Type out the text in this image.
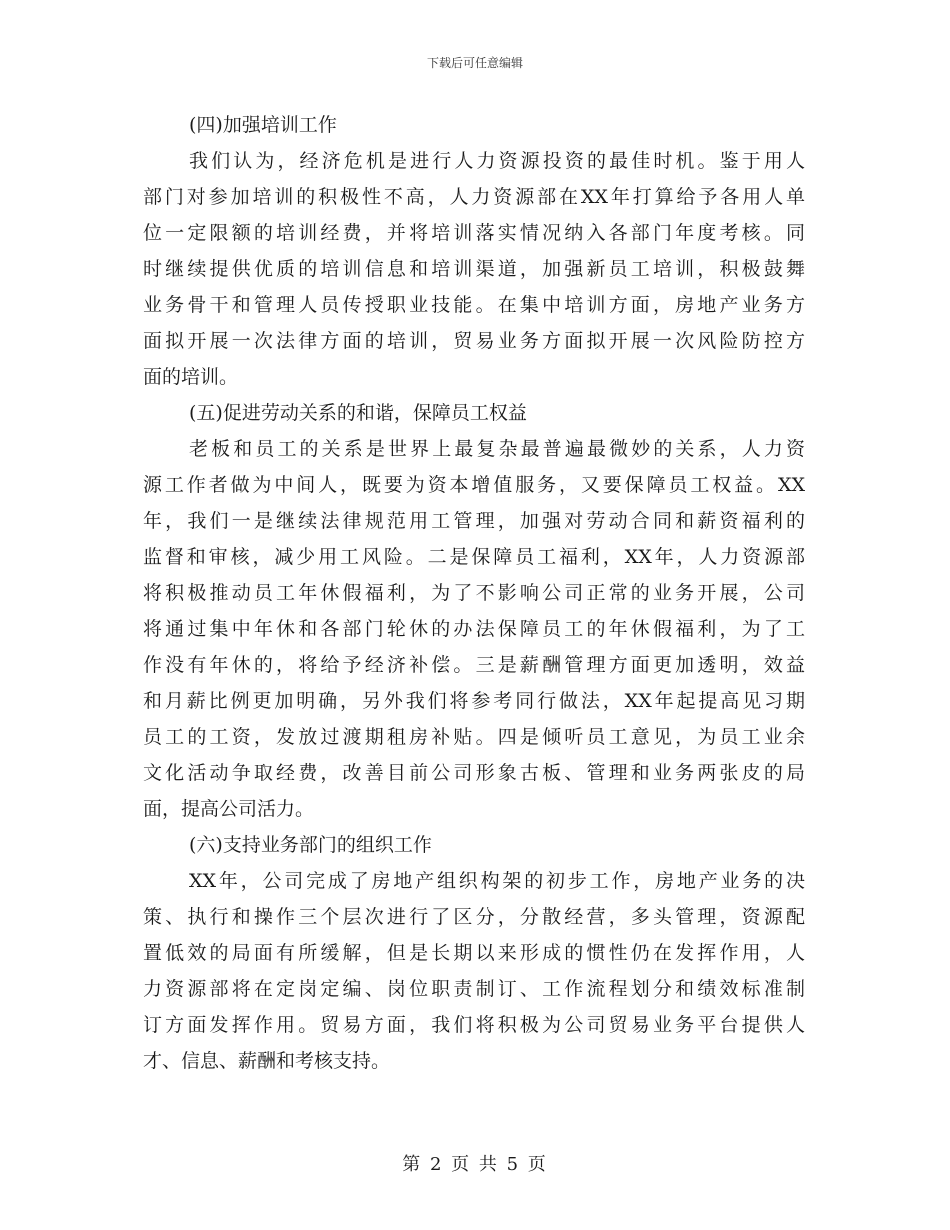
下载后可任意编辑
(四)加强培训工作
我们认为，经济危机是进行人力资源投资的最佳时机。鉴于用人
部门对参加培训的积极性不高，人力资源部在XX年打算给予各用人单
位一定限额的培训经费，并将培训落实情况纳入各部门年度考核。同
时继续提供优质的培训信息和培训渠道，加强新员工培训，积极鼓舞
业务骨干和管理人员传授职业技能。在集中培训方面，房地产业务方
面拟开展一次法律方面的培训，贸易业务方面拟开展一次风险防控方
面的培训。
(五)促进劳动关系的和谐，保障员工权益
老板和员工的关系是世界上最复杂最普遍最微妙的关系，人力资
源工作者做为中间人，既要为资本增值服务，又要保障员工权益。XX
年，我们一是继续法律规范用工管理，加强对劳动合同和薪资福利的
监督和审核，减少用工风险。二是保障员工福利，XX年，人力资源部
将积极推动员工年休假福利，为了不影响公司正常的业务开展，公司
将通过集中年休和各部门轮休的办法保障员工的年休假福利，为了工
作没有年休的，将给予经济补偿。三是薪酬管理方面更加透明，效益
和月薪比例更加明确，另外我们将参考同行做法，XX年起提高见习期
员工的工资，发放过渡期租房补贴。四是倾听员工意见，为员工业余
文化活动争取经费，改善目前公司形象古板、管理和业务两张皮的局
面，提高公司活力。
(六)支持业务部门的组织工作
XX年，公司完成了房地产组织构架的初步工作，房地产业务的决
策、执行和操作三个层次进行了区分，分散经营，多头管理，资源配
置低效的局面有所缓解，但是长期以来形成的惯性仍在发挥作用，人
力资源部将在定岗定编、岗位职责制订、工作流程划分和绩效标准制
订方面发挥作用。贸易方面，我们将积极为公司贸易业务平台提供人
才、信息、薪酬和考核支持。
第 2 页 共 5 页
